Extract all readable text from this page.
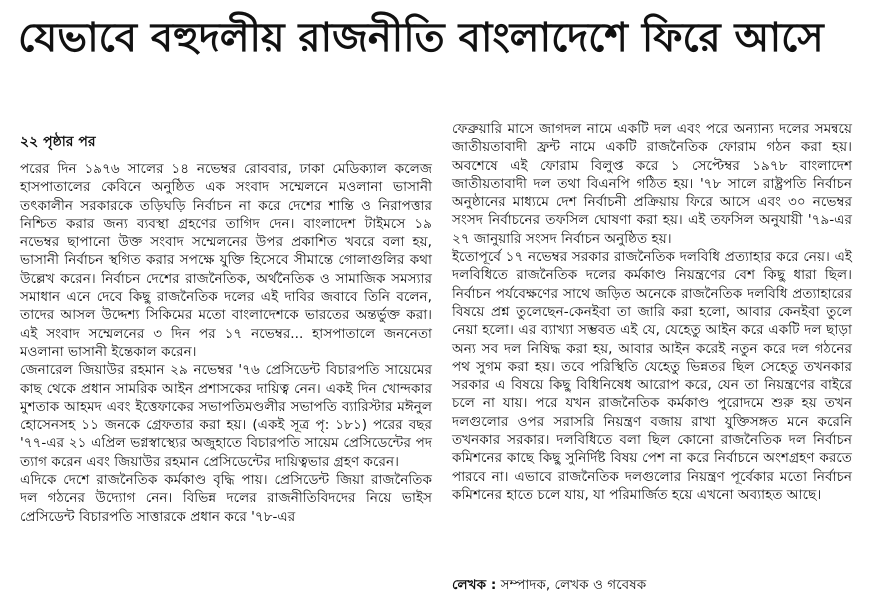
যেভাবে বহুদলীয় রাজনীতি বাংলাদেশে ফিরে আসে
২২ পৃষ্ঠার পর

পরের দিন ১৯৭৬ সালের ১৪ নভেম্বর রোববার, ঢাকা মেডিক্যাল কলেজ হাসপাতালের কেবিনে অনুষ্ঠিত এক সংবাদ সম্মেলনে মওলানা ভাসানী তৎকালীন সরকারকে তড়িঘড়ি নির্বাচন না করে দেশের শান্তি ও নিরাপত্তার নিশ্চিত করার জন্য ব্যবস্থা গ্রহণের তাগিদ দেন। বাংলাদেশ টাইমসে ১৯ নভেম্বর ছাপানো উক্ত সংবাদ সম্মেলনের উপর প্রকাশিত খবরে বলা হয়, ভাসানী নির্বাচন স্থগিত করার সপক্ষে যুক্তি হিসেবে সীমান্তে গোলাগুলির কথা উল্লেখ করেন। নির্বাচন দেশের রাজনৈতিক, অর্থনৈতিক ও সামাজিক সমস্যার সমাধান এনে দেবে কিছু রাজনৈতিক দলের এই দাবির জবাবে তিনি বলেন, তাদের আসল উদ্দেশ্য সিকিমের মতো বাংলাদেশকে ভারতের অন্তর্ভুক্ত করা। এই সংবাদ সম্মেলনের ৩ দিন পর ১৭ নভেম্বর... হাসপাতালে জননেতা মওলানা ভাসানী ইন্তেকাল করেন।

জেনারেল জিয়াউর রহমান ২৯ নভেম্বর '৭৬ প্রেসিডেন্ট বিচারপতি সায়েমের কাছ থেকে প্রধান সামরিক আইন প্রশাসকের দায়িত্ব নেন। একই দিন খোন্দকার মুশতাক আহমদ এবং ইত্তেফাকের সভাপতিমণ্ডলীর সভাপতি ব্যারিস্টার মঈনুল হোসেনসহ ১১ জনকে গ্রেফতার করা হয়। (একই সূত্র পৃ: ১৮১) পরের বছর '৭৭-এর ২১ এপ্রিল ভগ্নস্বাস্থ্যের অজুহাতে বিচারপতি সায়েম প্রেসিডেন্টের পদ ত্যাগ করেন এবং জিয়াউর রহমান প্রেসিডেন্টের দায়িত্বভার গ্রহণ করেন।

এদিকে দেশে রাজনৈতিক কর্মকাণ্ড বৃদ্ধি পায়। প্রেসিডেন্ট জিয়া রাজনৈতিক দল গঠনের উদ্যোগ নেন। বিভিন্ন দলের রাজনীতিবিদদের নিয়ে ভাইস প্রেসিডেন্ট বিচারপতি সাত্তারকে প্রধান করে '৭৮-এর

ফেব্রুয়ারি মাসে জাগদল নামে একটি দল এবং পরে অন্যান্য দলের সমন্বয়ে জাতীয়তাবাদী ফ্রন্ট নামে একটি রাজনৈতিক ফোরাম গঠন করা হয়। অবশেষে এই ফোরাম বিলুপ্ত করে ১ সেপ্টেম্বর ১৯৭৮ বাংলাদেশ জাতীয়তাবাদী দল তথা বিএনপি গঠিত হয়। '৭৮ সালে রাষ্ট্রপতি নির্বাচন অনুষ্ঠানের মাধ্যমে দেশ নির্বাচনী প্রক্রিয়ায় ফিরে আসে এবং ৩০ নভেম্বর সংসদ নির্বাচনের তফসিল ঘোষণা করা হয়। এই তফসিল অনুযায়ী '৭৯-এর ২৭ জানুয়ারি সংসদ নির্বাচন অনুষ্ঠিত হয়।

ইতোপূর্বে ১৭ নভেম্বর সরকার রাজনৈতিক দলবিধি প্রত্যাহার করে নেয়। এই দলবিধিতে রাজনৈতিক দলের কর্মকাণ্ড নিয়ন্ত্রণের বেশ কিছু ধারা ছিল। নির্বাচন পর্যবেক্ষণের সাথে জড়িত অনেকে রাজনৈতিক দলবিধি প্রত্যাহারের বিষয়ে প্রশ্ন তুলেছেন-কেনইবা তা জারি করা হলো, আবার কেনইবা তুলে নেয়া হলো। এর ব্যাখ্যা সম্ভবত এই যে, যেহেতু আইন করে একটি দল ছাড়া অন্য সব দল নিষিদ্ধ করা হয়, আবার আইন করেই নতুন করে দল গঠনের পথ সুগম করা হয়। তবে পরিস্থিতি যেহেতু ভিন্নতর ছিল সেহেতু তখনকার সরকার এ বিষয়ে কিছু বিধিনিষেধ আরোপ করে, যেন তা নিয়ন্ত্রণের বাইরে চলে না যায়। পরে যখন রাজনৈতিক কর্মকাণ্ড পুরোদমে শুরু হয় তখন দলগুলোর ওপর সরাসরি নিয়ন্ত্রণ বজায় রাখা যুক্তিসঙ্গত মনে করেনি তখনকার সরকার। দলবিধিতে বলা ছিল কোনো রাজনৈতিক দল নির্বাচন কমিশনের কাছে কিছু সুনির্দিষ্ট বিষয় পেশ না করে নির্বাচনে অংশগ্রহণ করতে পারবে না। এভাবে রাজনৈতিক দলগুলোর নিয়ন্ত্রণ পূর্বেকার মতো নির্বাচন কমিশনের হাতে চলে যায়, যা পরিমার্জিত হয়ে এখনো অব্যাহত আছে।

লেখক : সম্পাদক, লেখক ও গবেষক
